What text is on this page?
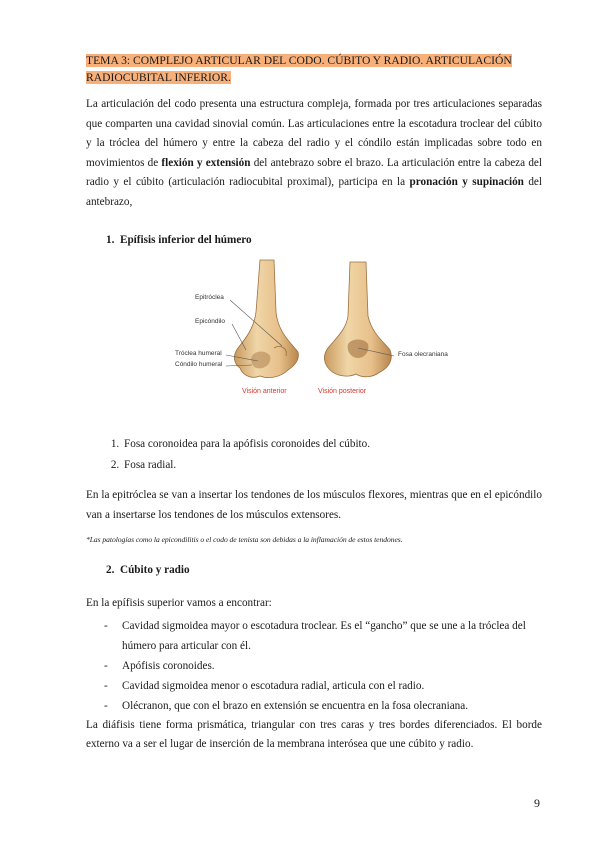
TEMA 3: COMPLEJO ARTICULAR DEL CODO. CÚBITO Y RADIO. ARTICULACIÓN RADIOCUBITAL INFERIOR.

La articulación del codo presenta una estructura compleja, formada por tres articulaciones separadas que comparten una cavidad sinovial común. Las articulaciones entre la escotadura troclear del cúbito y la tróclea del húmero y entre la cabeza del radio y el cóndilo están implicadas sobre todo en movimientos de flexión y extensión del antebrazo sobre el brazo. La articulación entre la cabeza del radio y el cúbito (articulación radiocubital proximal), participa en la pronación y supinación del antebrazo,

1. Epífisis inferior del húmero

Epitróclea
Epicóndilo
Tróclea humeral
Cóndilo humeral
Fosa olecraniana
Visión anterior	Visión posterior
1. Fosa coronoidea para la apófisis coronoides del cúbito.
2. Fosa radial.

En la epitróclea se van a insertar los tendones de los músculos flexores, mientras que en el epicóndilo van a insertarse los tendones de los músculos extensores.

*Las patologías como la epicondilitis o el codo de tenista son debidas a la inflamación de estos tendones.

2. Cúbito y radio

En la epífisis superior vamos a encontrar:

- Cavidad sigmoidea mayor o escotadura troclear. Es el “gancho” que se une a la tróclea del húmero para articular con él.
- Apófisis coronoides.
- Cavidad sigmoidea menor o escotadura radial, articula con el radio.
- Olécranon, que con el brazo en extensión se encuentra en la fosa olecraniana.

La diáfisis tiene forma prismática, triangular con tres caras y tres bordes diferenciados. El borde externo va a ser el lugar de inserción de la membrana interósea que une cúbito y radio.

9
